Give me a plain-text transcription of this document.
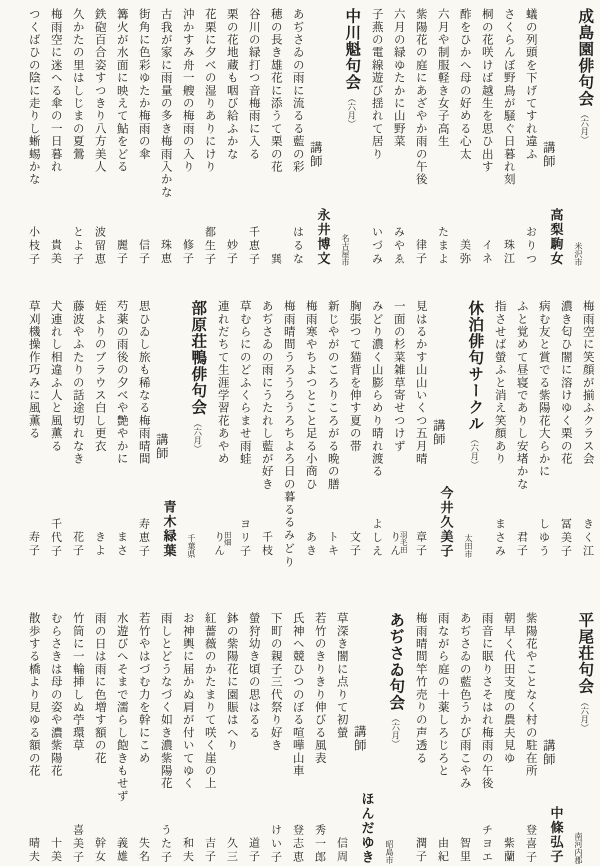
成島園俳句会
（六月）
講師
高梨駒女 米沢市
蟻の列頭を下げてすれ違ふ
おりつ
さくらんぼ野鳥が騒ぐ日暮れ刻
珠江
桐の花咲けば越生を思ひ出す
イネ
酢をひかへ母の好める心太
美弥
六月や制服軽き女子高生
たまよ
紫陽花の庭にあざやか雨の午後
律子
六月の緑ゆたかに山野菜
みやゑ
子燕の電線遊び揺れて居り
いづみ
中川魁句会
（六月）
講師
永井博文 名古屋市
あぢさゐの雨に流るる藍の彩
はるな
穂の長き雄花に添うて栗の花
巽
谷川の緑打つ音梅雨に入る
千恵子
栗の花地蔵も咽び給ふかな
妙子
花栗に夕べの湿りありにけり
都生子
沖かすみ舟一艘の梅雨の入り
修子
古我が家に雨量の多き梅雨入かな
珠恵
街角に色彩ゆたか梅雨の傘
信子
篝火が水面に映えて鮎をどる
麗子
鉄砲百合姿すつきり八方美人
波留恵
久かたの里はしじまの夏鶯
とよ子
梅雨空に迷へる傘の一日暮れ
貴美
つくばひの陰に走りし蜥蜴かな
小枝子
梅雨空に笑顔が揃ふクラス会
きく江
濃き匂ひ闇に溶けゆく栗の花
冨美子
病む友と賞でる紫陽花大らかに
しゆう
ふと覚めて昼寝でありし安堵かな
君子
指させば螢ふと消え笑顔あり
まさみ
休泊俳句サークル
（六月）
講師
今井久美子 太田市
見はるかす山山いくつ五月晴
章子
一面の杉菜雑草寄せつけず
羽毛田
りん
みどり濃く山膨らめり晴れ渡る
よしえ
胸張つて猫背を伸す夏の帯
文子
新じやがのころりころがる晩の膳
トキ
梅雨寒やちよつとこと足る小商ひ
あき
梅雨晴間うろうろうろちよろ日の暮るる
みどり
あぢさゐの雨にうたれし藍が好き
千枝
草むらにのどふくらませ雨蛙
ヨリ子
連れだちて生涯学習花あやめ
田畑
りん
部原荘鴨俳句会
（六月）
講師
青木緑葉 千葉県
思ひゐし旅も稀なる梅雨晴間
寿恵子
芍薬の雨後の夕べや艶やかに
まさ
姪よりのブラウス白し更衣
きよ
藤波やふたりの話途切れなき
花子
犬連れし相違ふ人と風薫る
千代子
草刈機操作巧みに風薫る
寿子
平尾荘句会
（六月）
講師
中條弘子 南河内郡
紫陽花やことなく村の駐在所
登喜子
朝早く代田支度の農夫見ゆ
紫蘭
雨音に眠りさそはれ梅雨の午後
チヨエ
あぢさゐの藍色うかび雨こやみ
智里
雨ながら庭の十薬しろじろと
由紀
梅雨晴間竿竹売りの声透る
潤子
あぢさゐ句会
（六月）
講師
ほんだゆき 昭島市
草深き闇に点りて初螢
信周
若竹のきりきり伸びる風表
秀一郎
氏神へ競ひつのぼる喧嘩山車
登志恵
下町の親子三代祭り好き
けい子
螢狩幼き頃の思はるる
道子
鉢の紫陽花に園賑はへり
久三
紅薔薇のかたまりて咲く崖の上
吉子
お神輿に届かぬ肩が付いてゆく
和夫
雨しとどうなづく如き濃紫陽花
うた子
若竹やはづむ力を幹にこめ
失名
水遊びへそまで濡らし飽きもせず
義雄
雨の日は雨に色増す額の花
幹女
竹筒に一輪挿しぬ苧環草
喜美子
むらさきは母の姿や濃紫陽花
十美
散歩する橋より見ゆる額の花
晴夫
